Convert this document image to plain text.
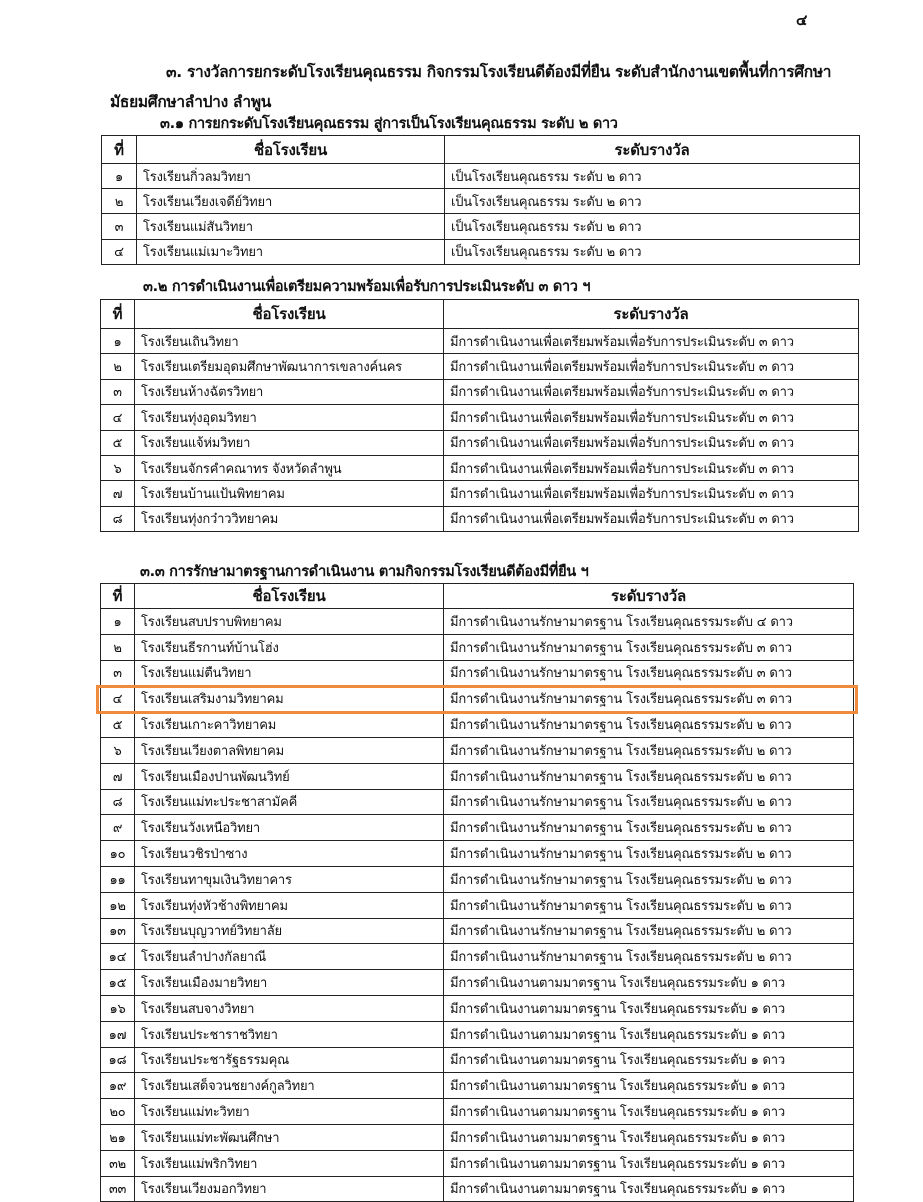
๔
๓. รางวัลการยกระดับโรงเรียนคุณธรรม กิจกรรมโรงเรียนดีต้องมีที่ยืน ระดับสำนักงานเขตพื้นที่การศึกษามัธยมศึกษาลำปาง ลำพูน
๓.๑ การยกระดับโรงเรียนคุณธรรม สู่การเป็นโรงเรียนคุณธรรม ระดับ ๒ ดาว
ที่	ชื่อโรงเรียน	ระดับรางวัล
๑	โรงเรียนกิ่วลมวิทยา	เป็นโรงเรียนคุณธรรม ระดับ ๒ ดาว
๒	โรงเรียนเวียงเจดีย์วิทยา	เป็นโรงเรียนคุณธรรม ระดับ ๒ ดาว
๓	โรงเรียนแม่สันวิทยา	เป็นโรงเรียนคุณธรรม ระดับ ๒ ดาว
๔	โรงเรียนแม่เมาะวิทยา	เป็นโรงเรียนคุณธรรม ระดับ ๒ ดาว
๓.๒ การดำเนินงานเพื่อเตรียมความพร้อมเพื่อรับการประเมินระดับ ๓ ดาว ฯ
ที่	ชื่อโรงเรียน	ระดับรางวัล
๑	โรงเรียนเถินวิทยา	มีการดำเนินงานเพื่อเตรียมพร้อมเพื่อรับการประเมินระดับ ๓ ดาว
๒	โรงเรียนเตรียมอุดมศึกษาพัฒนาการเขลางค์นคร	มีการดำเนินงานเพื่อเตรียมพร้อมเพื่อรับการประเมินระดับ ๓ ดาว
๓	โรงเรียนห้างฉัตรวิทยา	มีการดำเนินงานเพื่อเตรียมพร้อมเพื่อรับการประเมินระดับ ๓ ดาว
๔	โรงเรียนทุ่งอุดมวิทยา	มีการดำเนินงานเพื่อเตรียมพร้อมเพื่อรับการประเมินระดับ ๓ ดาว
๕	โรงเรียนแจ้ห่มวิทยา	มีการดำเนินงานเพื่อเตรียมพร้อมเพื่อรับการประเมินระดับ ๓ ดาว
๖	โรงเรียนจักรคำคณาทร จังหวัดลำพูน	มีการดำเนินงานเพื่อเตรียมพร้อมเพื่อรับการประเมินระดับ ๓ ดาว
๗	โรงเรียนบ้านแป้นพิทยาคม	มีการดำเนินงานเพื่อเตรียมพร้อมเพื่อรับการประเมินระดับ ๓ ดาว
๘	โรงเรียนทุ่งกว๋าววิทยาคม	มีการดำเนินงานเพื่อเตรียมพร้อมเพื่อรับการประเมินระดับ ๓ ดาว
๓.๓ การรักษามาตรฐานการดำเนินงาน ตามกิจกรรมโรงเรียนดีต้องมีที่ยืน ฯ
ที่	ชื่อโรงเรียน	ระดับรางวัล
๑	โรงเรียนสบปราบพิทยาคม	มีการดำเนินงานรักษามาตรฐาน โรงเรียนคุณธรรมระดับ ๔ ดาว
๒	โรงเรียนธีรกานท์บ้านโฮ่ง	มีการดำเนินงานรักษามาตรฐาน โรงเรียนคุณธรรมระดับ ๓ ดาว
๓	โรงเรียนแม่ตืนวิทยา	มีการดำเนินงานรักษามาตรฐาน โรงเรียนคุณธรรมระดับ ๓ ดาว
๔	โรงเรียนเสริมงามวิทยาคม	มีการดำเนินงานรักษามาตรฐาน โรงเรียนคุณธรรมระดับ ๓ ดาว
๕	โรงเรียนเกาะคาวิทยาคม	มีการดำเนินงานรักษามาตรฐาน โรงเรียนคุณธรรมระดับ ๒ ดาว
๖	โรงเรียนเวียงตาลพิทยาคม	มีการดำเนินงานรักษามาตรฐาน โรงเรียนคุณธรรมระดับ ๒ ดาว
๗	โรงเรียนเมืองปานพัฒนวิทย์	มีการดำเนินงานรักษามาตรฐาน โรงเรียนคุณธรรมระดับ ๒ ดาว
๘	โรงเรียนแม่ทะประชาสามัคคี	มีการดำเนินงานรักษามาตรฐาน โรงเรียนคุณธรรมระดับ ๒ ดาว
๙	โรงเรียนวังเหนือวิทยา	มีการดำเนินงานรักษามาตรฐาน โรงเรียนคุณธรรมระดับ ๒ ดาว
๑๐	โรงเรียนวชิรป่าซาง	มีการดำเนินงานรักษามาตรฐาน โรงเรียนคุณธรรมระดับ ๒ ดาว
๑๑	โรงเรียนทาขุมเงินวิทยาคาร	มีการดำเนินงานรักษามาตรฐาน โรงเรียนคุณธรรมระดับ ๒ ดาว
๑๒	โรงเรียนทุ่งหัวช้างพิทยาคม	มีการดำเนินงานรักษามาตรฐาน โรงเรียนคุณธรรมระดับ ๒ ดาว
๑๓	โรงเรียนบุญวาทย์วิทยาลัย	มีการดำเนินงานรักษามาตรฐาน โรงเรียนคุณธรรมระดับ ๒ ดาว
๑๔	โรงเรียนลำปางกัลยาณี	มีการดำเนินงานรักษามาตรฐาน โรงเรียนคุณธรรมระดับ ๒ ดาว
๑๕	โรงเรียนเมืองมายวิทยา	มีการดำเนินงานตามมาตรฐาน โรงเรียนคุณธรรมระดับ ๑ ดาว
๑๖	โรงเรียนสบจางวิทยา	มีการดำเนินงานตามมาตรฐาน โรงเรียนคุณธรรมระดับ ๑ ดาว
๑๗	โรงเรียนประชาราชวิทยา	มีการดำเนินงานตามมาตรฐาน โรงเรียนคุณธรรมระดับ ๑ ดาว
๑๘	โรงเรียนประชารัฐธรรมคุณ	มีการดำเนินงานตามมาตรฐาน โรงเรียนคุณธรรมระดับ ๑ ดาว
๑๙	โรงเรียนเสด็จวนชยางค์กูลวิทยา	มีการดำเนินงานตามมาตรฐาน โรงเรียนคุณธรรมระดับ ๑ ดาว
๒๐	โรงเรียนแม่ทะวิทยา	มีการดำเนินงานตามมาตรฐาน โรงเรียนคุณธรรมระดับ ๑ ดาว
๒๑	โรงเรียนแม่ทะพัฒนศึกษา	มีการดำเนินงานตามมาตรฐาน โรงเรียนคุณธรรมระดับ ๑ ดาว
๓๒	โรงเรียนแม่พริกวิทยา	มีการดำเนินงานตามมาตรฐาน โรงเรียนคุณธรรมระดับ ๑ ดาว
๓๓	โรงเรียนเวียงมอกวิทยา	มีการดำเนินงานตามมาตรฐาน โรงเรียนคุณธรรมระดับ ๑ ดาว
